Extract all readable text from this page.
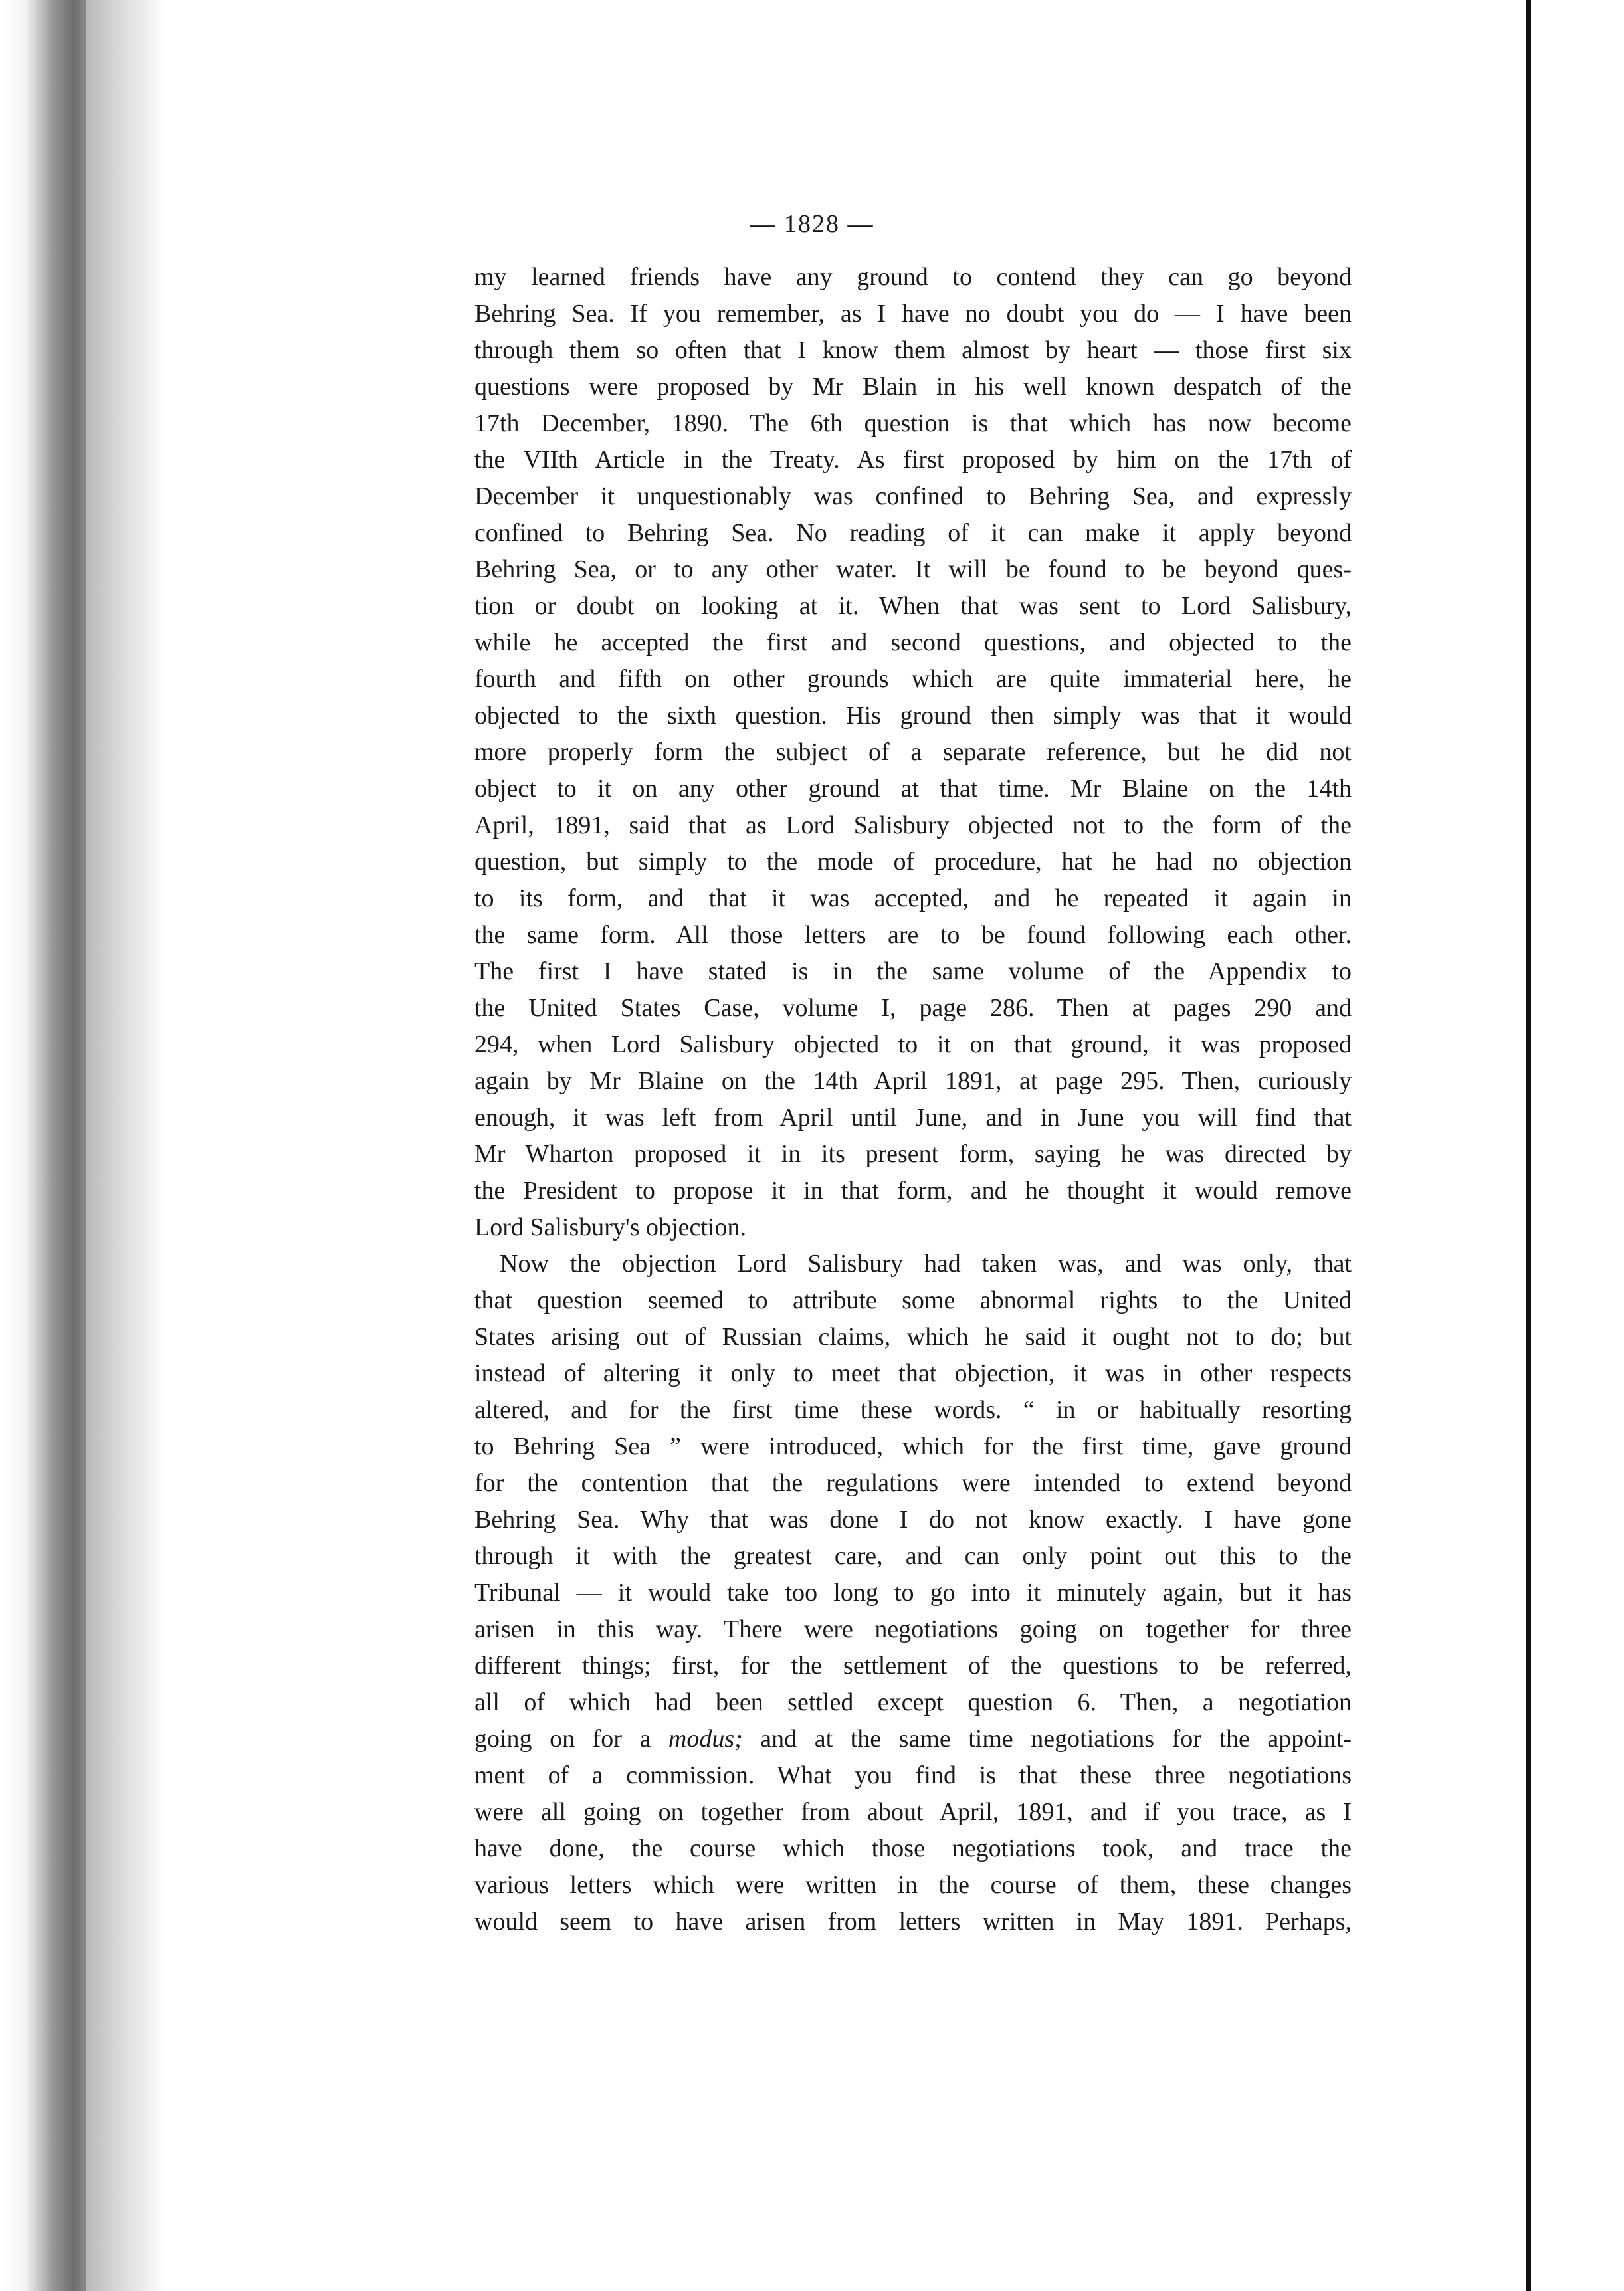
— 1828 —
my learned friends have any ground to contend they can go beyond
Behring Sea. If you remember, as I have no doubt you do — I have been
through them so often that I know them almost by heart — those first six
questions were proposed by Mr Blain in his well known despatch of the
17th December, 1890. The 6th question is that which has now become
the VIIth Article in the Treaty. As first proposed by him on the 17th of
December it unquestionably was confined to Behring Sea, and expressly
confined to Behring Sea. No reading of it can make it apply beyond
Behring Sea, or to any other water. It will be found to be beyond ques-
tion or doubt on looking at it. When that was sent to Lord Salisbury,
while he accepted the first and second questions, and objected to the
fourth and fifth on other grounds which are quite immaterial here, he
objected to the sixth question. His ground then simply was that it would
more properly form the subject of a separate reference, but he did not
object to it on any other ground at that time. Mr Blaine on the 14th
April, 1891, said that as Lord Salisbury objected not to the form of the
question, but simply to the mode of procedure, hat he had no objection
to its form, and that it was accepted, and he repeated it again in
the same form. All those letters are to be found following each other.
The first I have stated is in the same volume of the Appendix to
the United States Case, volume I, page 286. Then at pages 290 and
294, when Lord Salisbury objected to it on that ground, it was proposed
again by Mr Blaine on the 14th April 1891, at page 295. Then, curiously
enough, it was left from April until June, and in June you will find that
Mr Wharton proposed it in its present form, saying he was directed by
the President to propose it in that form, and he thought it would remove
Lord Salisbury's objection.
Now the objection Lord Salisbury had taken was, and was only, that
that question seemed to attribute some abnormal rights to the United
States arising out of Russian claims, which he said it ought not to do; but
instead of altering it only to meet that objection, it was in other respects
altered, and for the first time these words. “ in or habitually resorting
to Behring Sea ” were introduced, which for the first time, gave ground
for the contention that the regulations were intended to extend beyond
Behring Sea. Why that was done I do not know exactly. I have gone
through it with the greatest care, and can only point out this to the
Tribunal — it would take too long to go into it minutely again, but it has
arisen in this way. There were negotiations going on together for three
different things; first, for the settlement of the questions to be referred,
all of which had been settled except question 6. Then, a negotiation
going on for a modus; and at the same time negotiations for the appoint-
ment of a commission. What you find is that these three negotiations
were all going on together from about April, 1891, and if you trace, as I
have done, the course which those negotiations took, and trace the
various letters which were written in the course of them, these changes
would seem to have arisen from letters written in May 1891. Perhaps,
